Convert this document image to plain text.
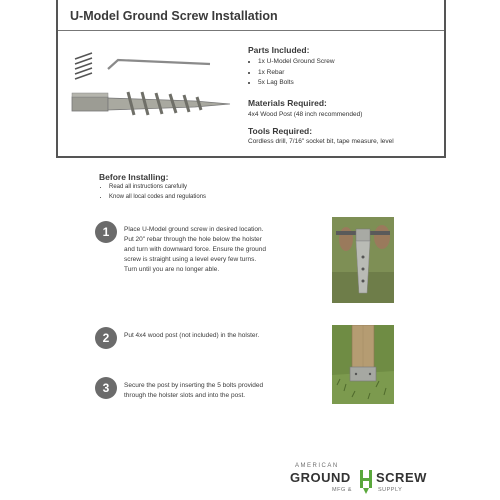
U-Model Ground Screw Installation
Parts Included:
• 1x U-Model Ground Screw
• 1x Rebar
• 5x Lag Bolts
Materials Required:
4x4 Wood Post (48 inch recommended)
Tools Required:
Cordless drill, 7/16" socket bit, tape measure, level
Before Installing:
• Read all instructions carefully
• Know all local codes and regulations
1	Place U-Model ground screw in desired location. Put 20" rebar through the hole below the holster and turn with downward force. Ensure the ground screw is straight using a level every few turns. Turn until you are no longer able.
2	Put 4x4 wood post (not included) in the holster.
3	Secure the post by inserting the 5 bolts provided through the holster slots and into the post.
AMERICAN
GROUND SCREW
MFG &	SUPPLY
